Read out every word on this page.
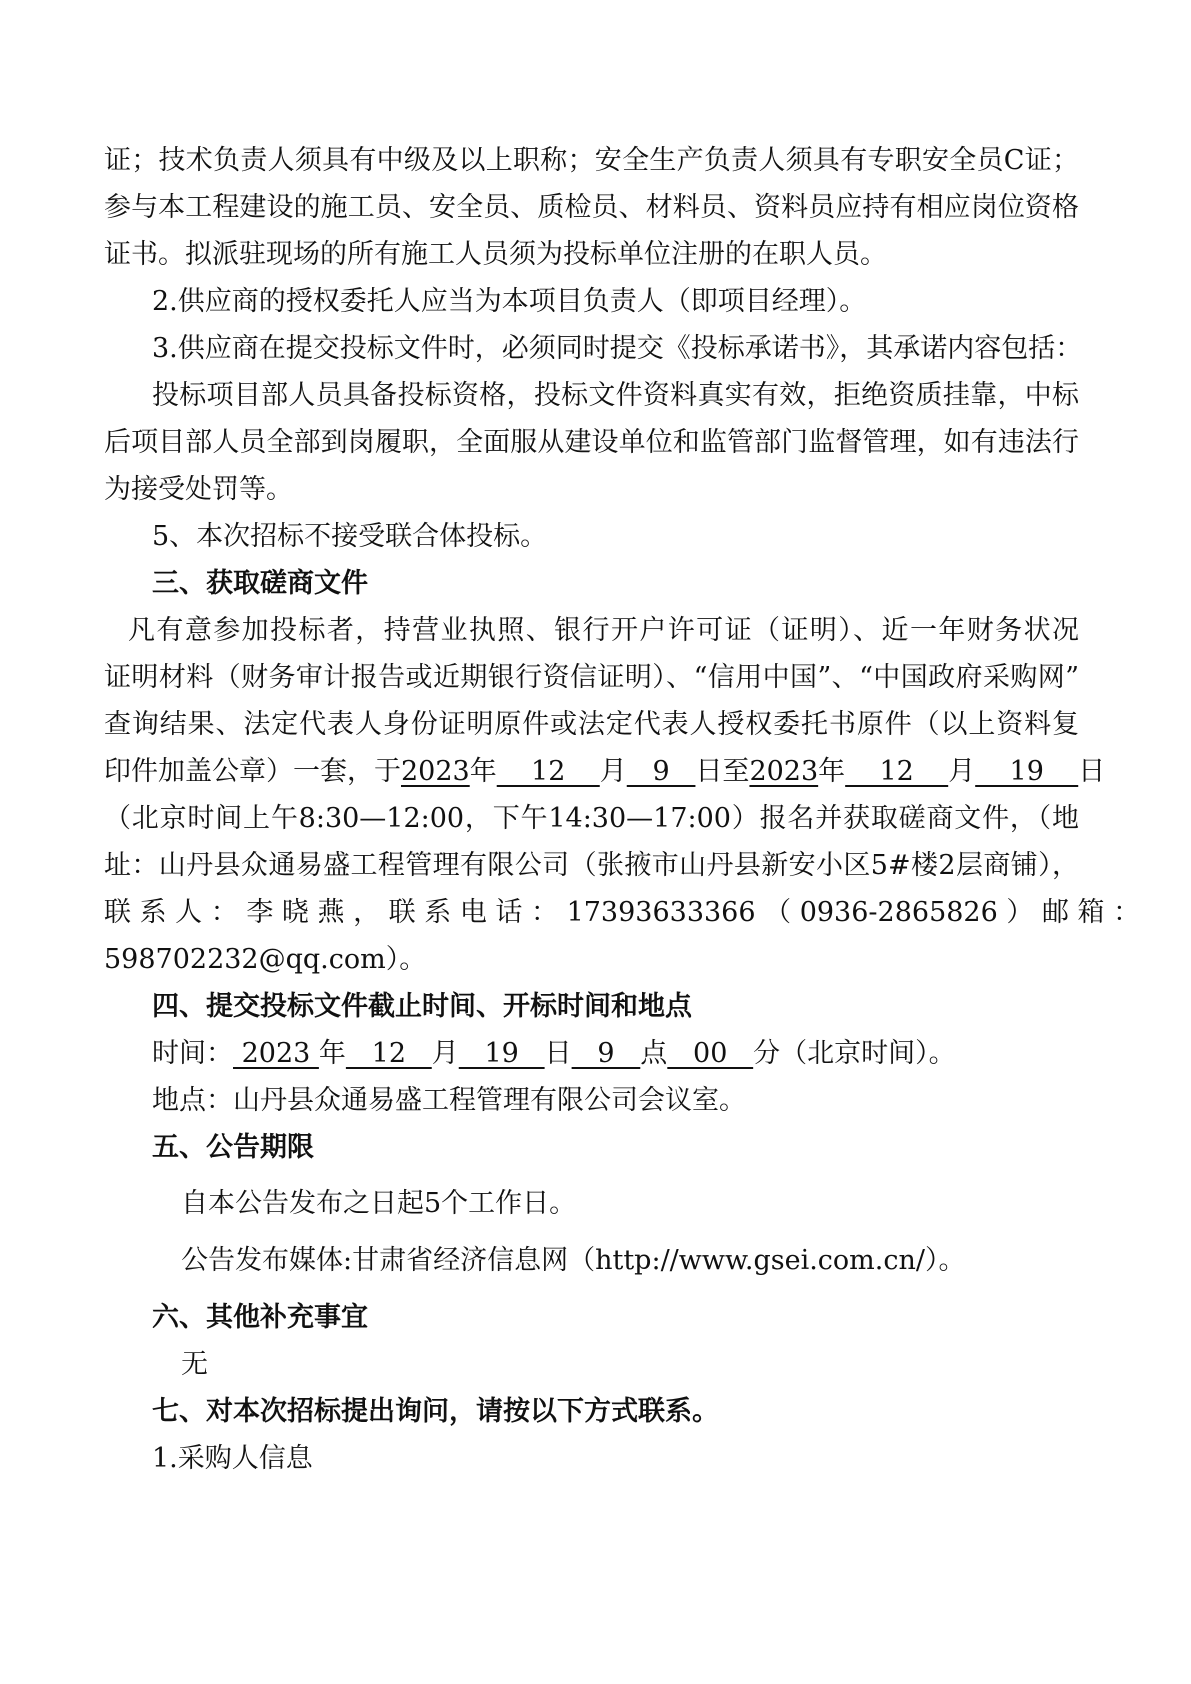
证；技术负责人须具有中级及以上职称；安全生产负责人须具有专职安全员C证；
参与本工程建设的施工员、安全员、质检员、材料员、资料员应持有相应岗位资格
证书。拟派驻现场的所有施工人员须为投标单位注册的在职人员。
2.供应商的授权委托人应当为本项目负责人（即项目经理）。
3.供应商在提交投标文件时，必须同时提交《投标承诺书》，其承诺内容包括：
投标项目部人员具备投标资格，投标文件资料真实有效，拒绝资质挂靠，中标
后项目部人员全部到岗履职，全面服从建设单位和监管部门监督管理，如有违法行
为接受处罚等。
5、本次招标不接受联合体投标。
三、获取磋商文件
凡有意参加投标者，持营业执照、银行开户许可证（证明）、近一年财务状况
证明材料（财务审计报告或近期银行资信证明）、“信用中国”、“中国政府采购网”
查询结果、法定代表人身份证明原件或法定代表人授权委托书原件（以上资料复
印件加盖公章）一套，于2023年    12    月   9   日至2023年    12    月    19    日
（北京时间上午8:30—12:00，下午14:30—17:00）报名并获取磋商文件，（地
址：山丹县众通易盛工程管理有限公司（张掖市山丹县新安小区5#楼2层商铺），
联 系 人 ： 李 晓 燕 ， 联 系 电 话 ： 17393633366 （ 0936-2865826 ） 邮 箱 ：
598702232@qq.com）。
四、提交投标文件截止时间、开标时间和地点
时间： 2023 年   12   月   19   日   9   点   00   分（北京时间）。
地点：山丹县众通易盛工程管理有限公司会议室。
五、公告期限
自本公告发布之日起5个工作日。
公告发布媒体:甘肃省经济信息网（http://www.gsei.com.cn/）。
六、其他补充事宜
无
七、对本次招标提出询问，请按以下方式联系。
1.采购人信息
